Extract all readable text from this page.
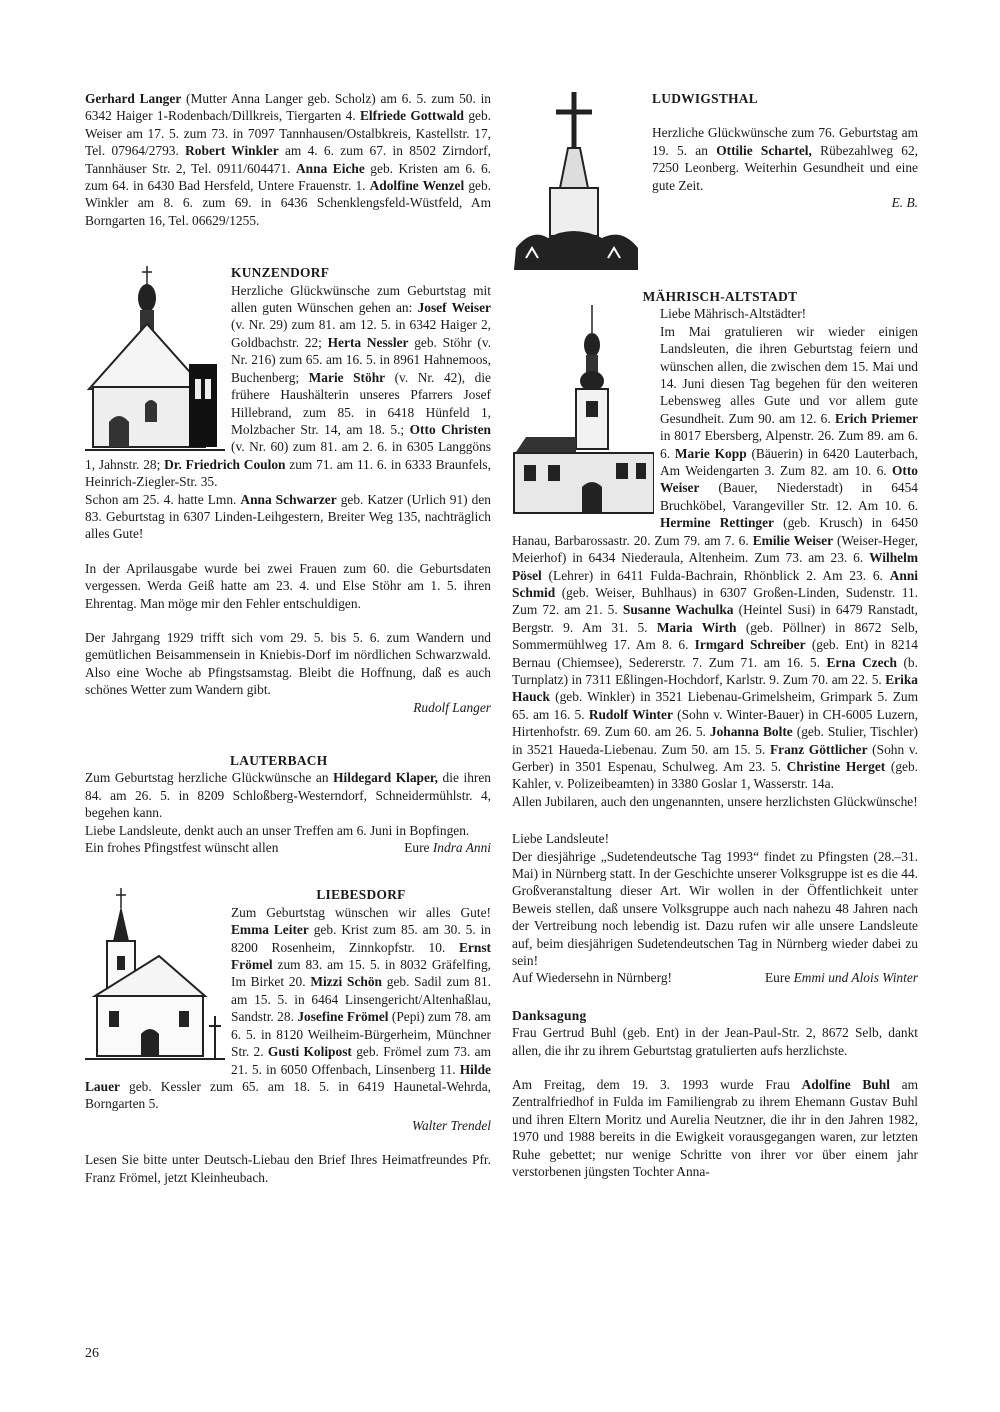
Gerhard Langer (Mutter Anna Langer geb. Scholz) am 6. 5. zum 50. in 6342 Haiger 1-Rodenbach/Dillkreis, Tiergarten 4. Elfriede Gottwald geb. Weiser am 17. 5. zum 73. in 7097 Tannhausen/Ostalbkreis, Kastellstr. 17, Tel. 07964/2793. Robert Winkler am 4. 6. zum 67. in 8502 Zirndorf, Tannhäuser Str. 2, Tel. 0911/604471. Anna Eiche geb. Kristen am 6. 6. zum 64. in 6430 Bad Hersfeld, Untere Frauenstr. 1. Adolfine Wenzel geb. Winkler am 8. 6. zum 69. in 6436 Schenklengsfeld-Wüstfeld, Am Borngarten 16, Tel. 06629/1255.

KUNZENDORF

Herzliche Glückwünsche zum Geburtstag mit allen guten Wünschen gehen an: Josef Weiser (v. Nr. 29) zum 81. am 12. 5. in 6342 Haiger 2, Goldbachstr. 22; Herta Nessler geb. Stöhr (v. Nr. 216) zum 65. am 16. 5. in 8961 Hahnemoos, Buchenberg; Marie Stöhr (v. Nr. 42), die frühere Haushälterin unseres Pfarrers Josef Hillebrand, zum 85. in 6418 Hünfeld 1, Molzbacher Str. 14, am 18. 5.; Otto Christen (v. Nr. 60) zum 81. am 2. 6. in 6305 Langgöns 1, Jahnstr. 28; Dr. Friedrich Coulon zum 71. am 11. 6. in 6333 Braunfels, Heinrich-Ziegler-Str. 35.

Schon am 25. 4. hatte Lmn. Anna Schwarzer geb. Katzer (Urlich 91) den 83. Geburtstag in 6307 Linden-Leihgestern, Breiter Weg 135, nachträglich alles Gute!

In der Aprilausgabe wurde bei zwei Frauen zum 60. die Geburtsdaten vergessen. Werda Geiß hatte am 23. 4. und Else Stöhr am 1. 5. ihren Ehrentag. Man möge mir den Fehler entschuldigen.

Der Jahrgang 1929 trifft sich vom 29. 5. bis 5. 6. zum Wandern und gemütlichen Beisammensein in Kniebis-Dorf im nördlichen Schwarzwald. Also eine Woche ab Pfingstsamstag. Bleibt die Hoffnung, daß es auch schönes Wetter zum Wandern gibt.

Rudolf Langer

LAUTERBACH

Zum Geburtstag herzliche Glückwünsche an Hildegard Klaper, die ihren 84. am 26. 5. in 8209 Schloßberg-Westerndorf, Schneidermühlstr. 4, begehen kann.

Liebe Landsleute, denkt auch an unser Treffen am 6. Juni in Bopfingen.

Ein frohes Pfingstfest wünscht allen	Eure Indra Anni

LIEBESDORF

Zum Geburtstag wünschen wir alles Gute! Emma Leiter geb. Krist zum 85. am 30. 5. in 8200 Rosenheim, Zinnkopfstr. 10. Ernst Frömel zum 83. am 15. 5. in 8032 Gräfelfing, Im Birket 20. Mizzi Schön geb. Sadil zum 81. am 15. 5. in 6464 Linsengericht/Altenhaßlau, Sandstr. 28. Josefine Frömel (Pepi) zum 78. am 6. 5. in 8120 Weilheim-Bürgerheim, Münchner Str. 2. Gusti Kolipost geb. Frömel zum 73. am 21. 5. in 6050 Offenbach, Linsenberg 11. Hilde Lauer geb. Kessler zum 65. am 18. 5. in 6419 Haunetal-Wehrda, Borngarten 5.

Walter Trendel

Lesen Sie bitte unter Deutsch-Liebau den Brief Ihres Heimatfreundes Pfr. Franz Frömel, jetzt Kleinheubach.

LUDWIGSTHAL

Herzliche Glückwünsche zum 76. Geburtstag am 19. 5. an Ottilie Schartel, Rübezahlweg 62, 7250 Leonberg. Weiterhin Gesundheit und eine gute Zeit.

E. B.

MÄHRISCH-ALTSTADT

Liebe Mährisch-Altstädter!

Im Mai gratulieren wir wieder einigen Landsleuten, die ihren Geburtstag feiern und wünschen allen, die zwischen dem 15. Mai und 14. Juni diesen Tag begehen für den weiteren Lebensweg alles Gute und vor allem gute Gesundheit. Zum 90. am 12. 6. Erich Priemer in 8017 Ebersberg, Alpenstr. 26. Zum 89. am 6. 6. Marie Kopp (Bäuerin) in 6420 Lauterbach, Am Weidengarten 3. Zum 82. am 10. 6. Otto Weiser (Bauer, Niederstadt) in 6454 Bruchköbel, Varangeviller Str. 12. Am 10. 6. Hermine Rettinger (geb. Krusch) in 6450 Hanau, Barbarossastr. 20. Zum 79. am 7. 6. Emilie Weiser (Weiser-Heger, Meierhof) in 6434 Niederaula, Altenheim. Zum 73. am 23. 6. Wilhelm Pösel (Lehrer) in 6411 Fulda-Bachrain, Rhönblick 2. Am 23. 6. Anni Schmid (geb. Weiser, Buhlhaus) in 6307 Großen-Linden, Sudenstr. 11. Zum 72. am 21. 5. Susanne Wachulka (Heintel Susi) in 6479 Ranstadt, Bergstr. 9. Am 31. 5. Maria Wirth (geb. Pöllner) in 8672 Selb, Sommermühlweg 17. Am 8. 6. Irmgard Schreiber (geb. Ent) in 8214 Bernau (Chiemsee), Sedererstr. 7. Zum 71. am 16. 5. Erna Czech (b. Turnplatz) in 7311 Eßlingen-Hochdorf, Karlstr. 9. Zum 70. am 22. 5. Erika Hauck (geb. Winkler) in 3521 Liebenau-Grimelsheim, Grimpark 5. Zum 65. am 16. 5. Rudolf Winter (Sohn v. Winter-Bauer) in CH-6005 Luzern, Hirtenhofstr. 69. Zum 60. am 26. 5. Johanna Bolte (geb. Stulier, Tischler) in 3521 Haueda-Liebenau. Zum 50. am 15. 5. Franz Göttlicher (Sohn v. Gerber) in 3501 Espenau, Schulweg. Am 23. 5. Christine Herget (geb. Kahler, v. Polizeibeamten) in 3380 Goslar 1, Wasserstr. 14a.

Allen Jubilaren, auch den ungenannten, unsere herzlichsten Glückwünsche!

Liebe Landsleute!

Der diesjährige „Sudetendeutsche Tag 1993“ findet zu Pfingsten (28.–31. Mai) in Nürnberg statt. In der Geschichte unserer Volksgruppe ist es die 44. Großveranstaltung dieser Art. Wir wollen in der Öffentlichkeit unter Beweis stellen, daß unsere Volksgruppe auch nach nahezu 48 Jahren nach der Vertreibung noch lebendig ist. Dazu rufen wir alle unsere Landsleute auf, beim diesjährigen Sudetendeutschen Tag in Nürnberg wieder dabei zu sein!

Auf Wiedersehn in Nürnberg!	Eure Emmi und Alois Winter

Danksagung

Frau Gertrud Buhl (geb. Ent) in der Jean-Paul-Str. 2, 8672 Selb, dankt allen, die ihr zu ihrem Geburtstag gratulierten aufs herzlichste.

Am Freitag, dem 19. 3. 1993 wurde Frau Adolfine Buhl am Zentralfriedhof in Fulda im Familiengrab zu ihrem Ehemann Gustav Buhl und ihren Eltern Moritz und Aurelia Neutzner, die ihr in den Jahren 1982, 1970 und 1988 bereits in die Ewigkeit vorausgegangen waren, zur letzten Ruhe gebettet; nur wenige Schritte von ihrer vor über einem jahr verstorbenen jüngsten Tochter Anna-

26
